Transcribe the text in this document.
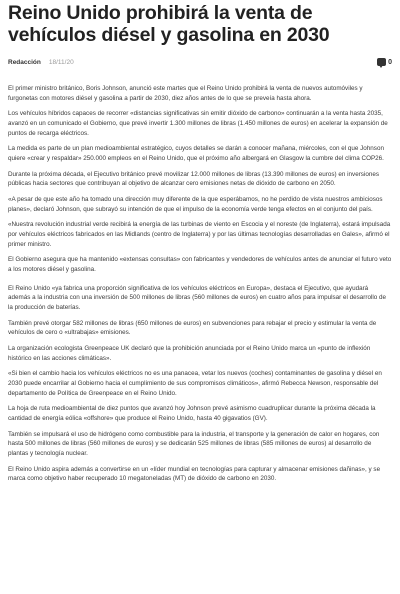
Reino Unido prohibirá la venta de vehículos diésel y gasolina en 2030
Redacción 18/11/20	0

El primer ministro británico, Boris Johnson, anunció este martes que el Reino Unido prohibirá la venta de nuevos automóviles y furgonetas con motores diésel y gasolina a partir de 2030, diez años antes de lo que se preveía hasta ahora.

Los vehículos híbridos capaces de recorrer «distancias significativas sin emitir dióxido de carbono» continuarán a la venta hasta 2035, avanzó en un comunicado el Gobierno, que prevé invertir 1.300 millones de libras (1.450 millones de euros) en acelerar la expansión de puntos de recarga eléctricos.

La medida es parte de un plan medioambiental estratégico, cuyos detalles se darán a conocer mañana, miércoles, con el que Johnson quiere «crear y respaldar» 250.000 empleos en el Reino Unido, que el próximo año albergará en Glasgow la cumbre del clima COP26.

Durante la próxima década, el Ejecutivo británico prevé movilizar 12.000 millones de libras (13.390 millones de euros) en inversiones públicas hacia sectores que contribuyan al objetivo de alcanzar cero emisiones netas de dióxido de carbono en 2050.

«A pesar de que este año ha tomado una dirección muy diferente de la que esperábamos, no he perdido de vista nuestros ambiciosos planes», declaró Johnson, que subrayó su intención de que el impulso de la economía verde tenga efectos en el conjunto del país.

«Nuestra revolución industrial verde recibirá la energía de las turbinas de viento en Escocia y el noreste (de Inglaterra), estará impulsada por vehículos eléctricos fabricados en las Midlands (centro de Inglaterra) y por las últimas tecnologías desarrolladas en Gales», afirmó el primer ministro.

El Gobierno asegura que ha mantenido «extensas consultas» con fabricantes y vendedores de vehículos antes de anunciar el futuro veto a los motores diésel y gasolina.

El Reino Unido «ya fabrica una proporción significativa de los vehículos eléctricos en Europa», destaca el Ejecutivo, que ayudará además a la industria con una inversión de 500 millones de libras (560 millones de euros) en cuatro años para impulsar el desarrollo de la producción de baterías.

También prevé otorgar 582 millones de libras (650 millones de euros) en subvenciones para rebajar el precio y estimular la venta de vehículos de cero o «ultrabajas» emisiones.

La organización ecologista Greenpeace UK declaró que la prohibición anunciada por el Reino Unido marca un «punto de inflexión histórico en las acciones climáticas».

«Si bien el cambio hacia los vehículos eléctricos no es una panacea, vetar los nuevos (coches) contaminantes de gasolina y diésel en 2030 puede encarrilar al Gobierno hacia el cumplimiento de sus compromisos climáticos», afirmó Rebecca Newson, responsable del departamento de Política de Greenpeace en el Reino Unido.

La hoja de ruta medioambiental de diez puntos que avanzó hoy Johnson prevé asimismo cuadruplicar durante la próxima década la cantidad de energía eólica «offshore» que produce el Reino Unido, hasta 40 gigavatios (GV).

También se impulsará el uso de hidrógeno como combustible para la industria, el transporte y la generación de calor en hogares, con hasta 500 millones de libras (560 millones de euros) y se dedicarán 525 millones de libras (585 millones de euros) al desarrollo de plantas y tecnología nuclear.

El Reino Unido aspira además a convertirse en un «líder mundial en tecnologías para capturar y almacenar emisiones dañinas», y se marca como objetivo haber recuperado 10 megatoneladas (MT) de dióxido de carbono en 2030.
